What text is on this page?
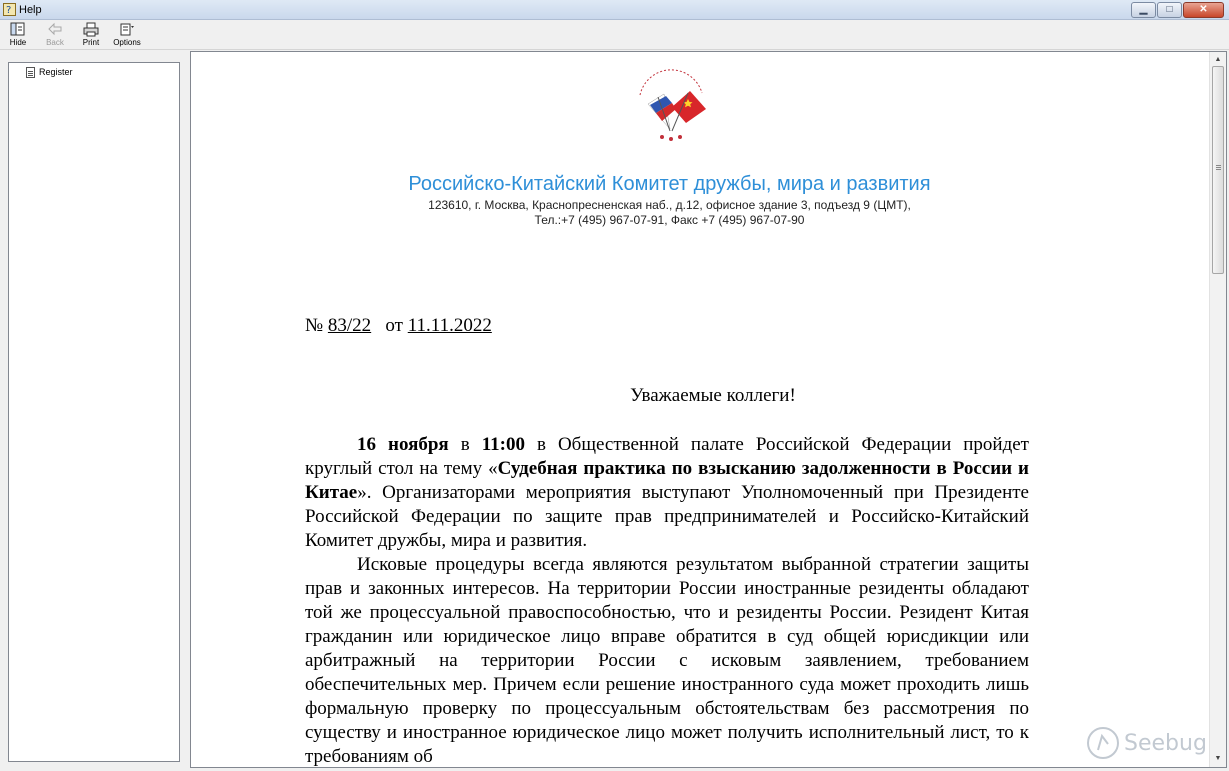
? Help	▁	□	✕
Hide	Back	Print	Options
Register
Российско-Китайский Комитет дружбы, мира и развития
123610, г. Москва, Краснопресненская наб., д.12, офисное здание 3, подъезд 9 (ЦМТ),
Тел.:+7 (495) 967-07-91, Факс +7 (495) 967-07-90
№ 83/22   от 11.11.2022
Уважаемые коллеги!

16 ноября в 11:00 в Общественной палате Российской Федерации пройдет круглый стол на тему «Судебная практика по взысканию задолженности в России и Китае». Организаторами мероприятия выступают Уполномоченный при Президенте Российской Федерации по защите прав предпринимателей и Российско-Китайский Комитет дружбы, мира и развития.

Исковые процедуры всегда являются результатом выбранной стратегии защиты прав и законных интересов. На территории России иностранные резиденты обладают той же процессуальной правоспособностью, что и резиденты России. Резидент Китая гражданин или юридическое лицо вправе обратится в суд общей юрисдикции или арбитражный на территории России с исковым заявлением, требованием обеспечительных мер. Причем если решение иностранного суда может проходить лишь формальную проверку по процессуальным обстоятельствам без рассмотрения по существу и иностранное юридическое лицо может получить исполнительный лист, то к требованиям об

▲
▼
Seebug
